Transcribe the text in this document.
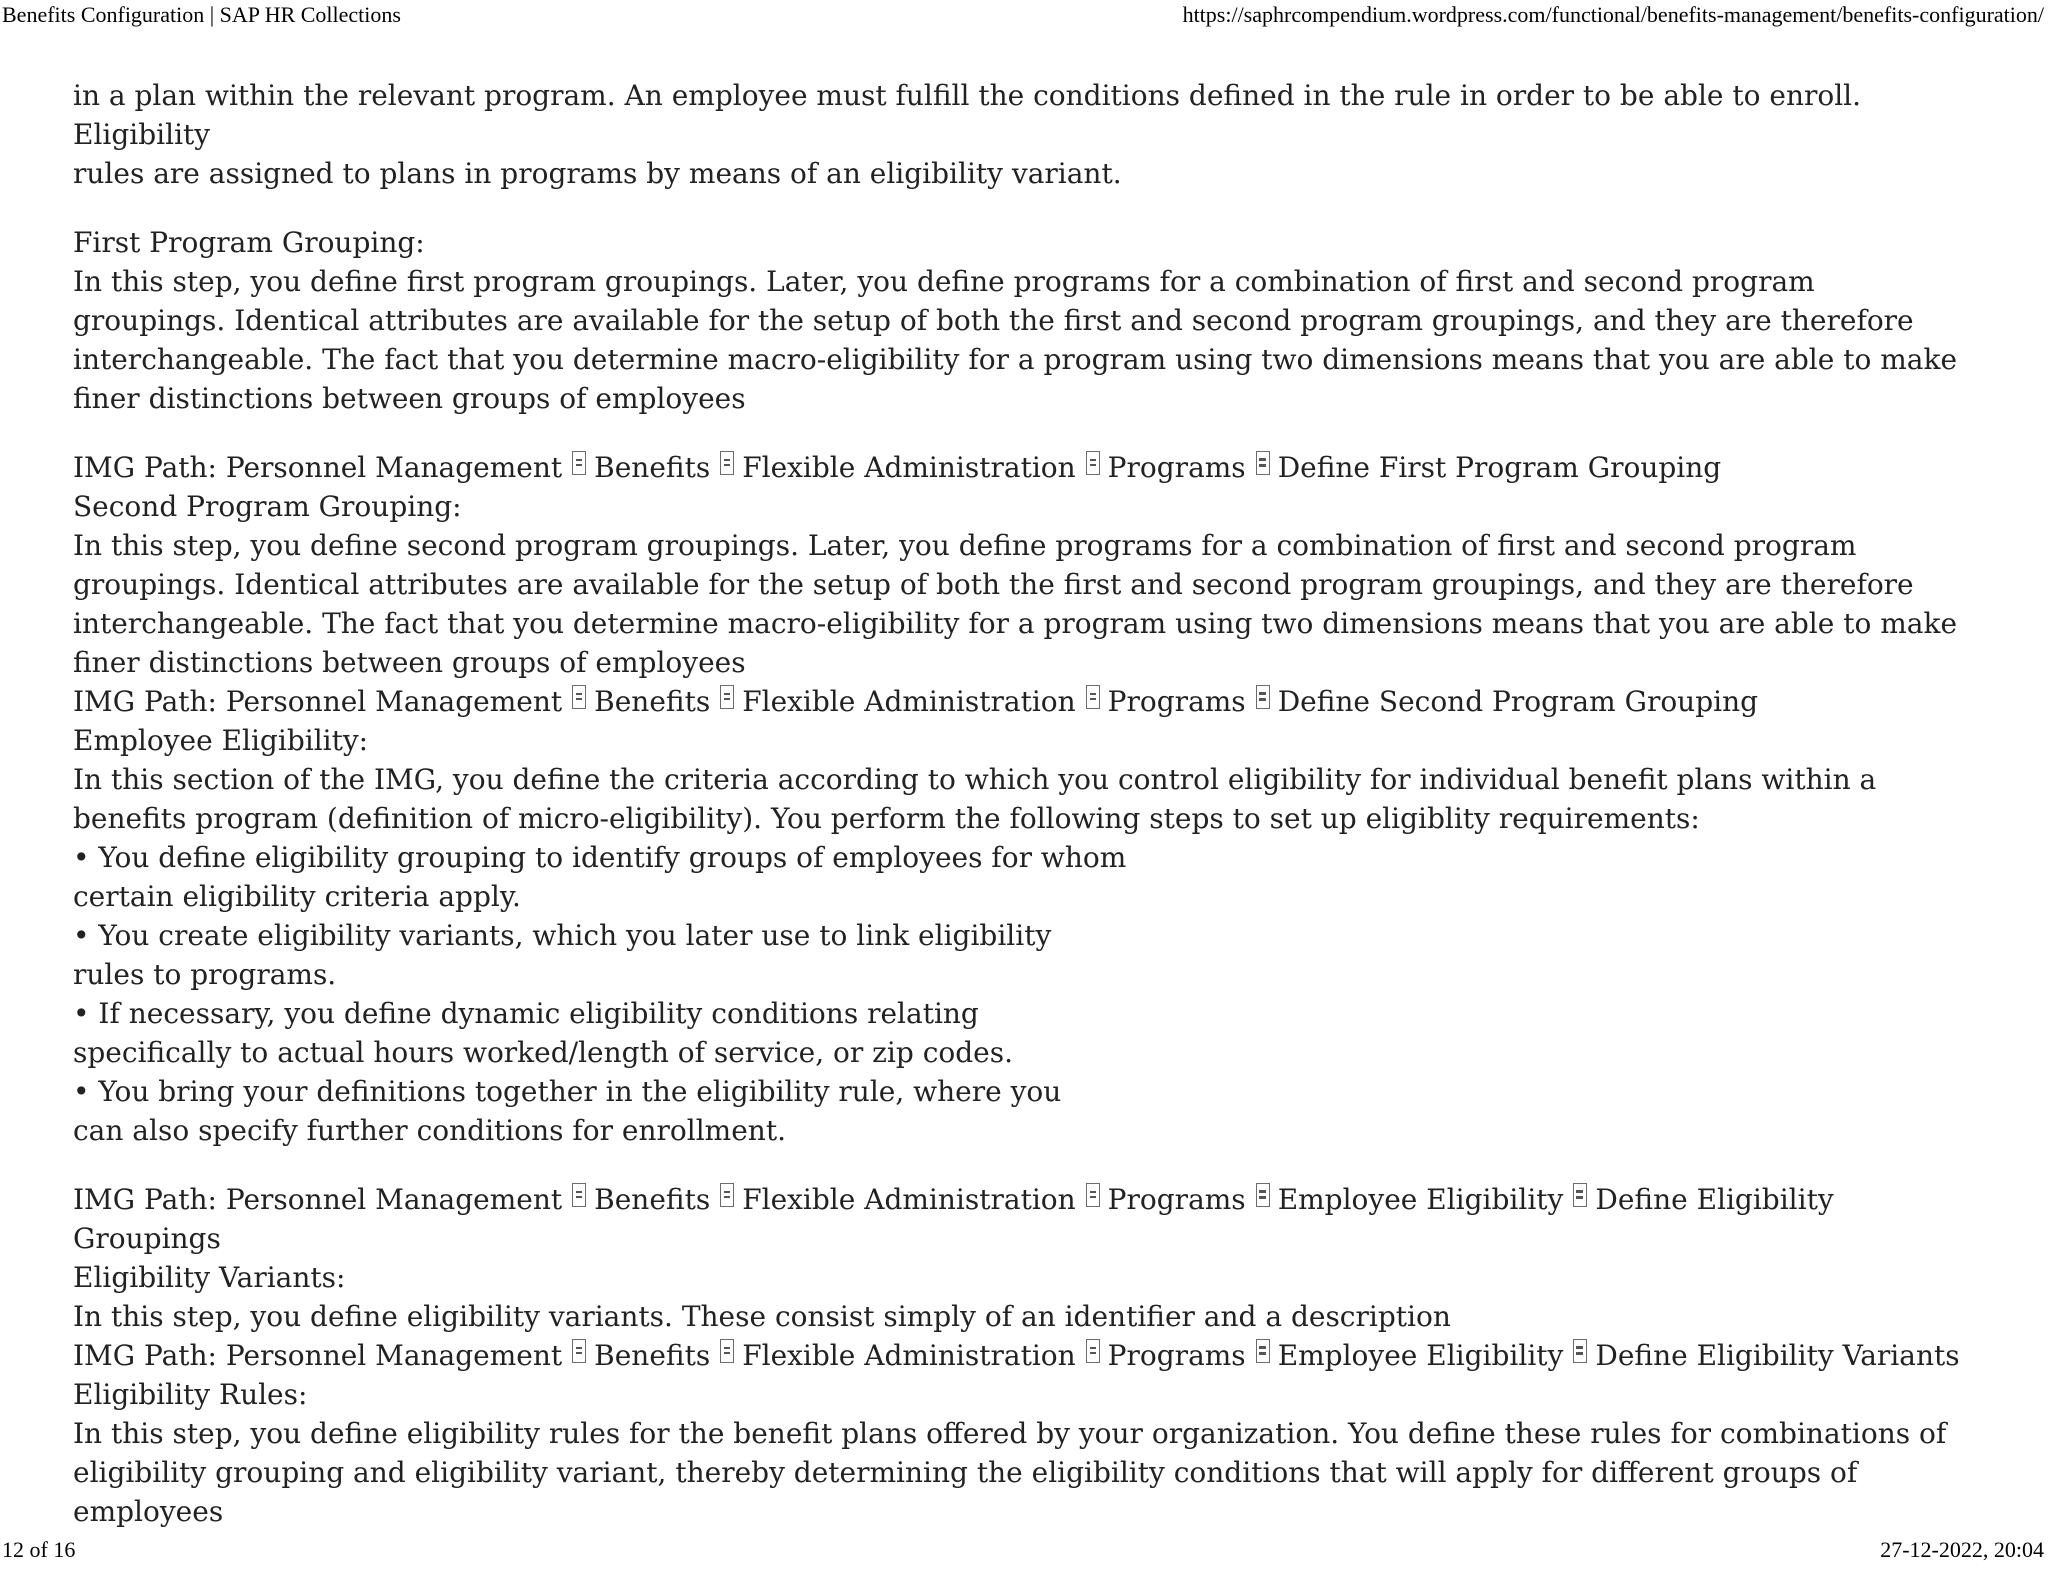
Benefits Configuration | SAP HR Collections	https://saphrcompendium.wordpress.com/functional/benefits-management/benefits-configuration/

in a plan within the relevant program. An employee must fulfill the conditions defined in the rule in order to be able to enroll. Eligibility

rules are assigned to plans in programs by means of an eligibility variant.

First Program Grouping:

In this step, you define first program groupings. Later, you define programs for a combination of first and second program groupings. Identical attributes are available for the setup of both the first and second program groupings, and they are therefore interchangeable. The fact that you determine macro-eligibility for a program using two dimensions means that you are able to make finer distinctions between groups of employees

IMG Path: Personnel Management Benefits Flexible Administration Programs Define First Program Grouping

Second Program Grouping:

In this step, you define second program groupings. Later, you define programs for a combination of first and second program groupings. Identical attributes are available for the setup of both the first and second program groupings, and they are therefore interchangeable. The fact that you determine macro-eligibility for a program using two dimensions means that you are able to make finer distinctions between groups of employees

IMG Path: Personnel Management Benefits Flexible Administration Programs Define Second Program Grouping

Employee Eligibility:

In this section of the IMG, you define the criteria according to which you control eligibility for individual benefit plans within a benefits program (definition of micro-eligibility). You perform the following steps to set up eligiblity requirements:

• You define eligibility grouping to identify groups of employees for whom

certain eligibility criteria apply.

• You create eligibility variants, which you later use to link eligibility

rules to programs.

• If necessary, you define dynamic eligibility conditions relating

specifically to actual hours worked/length of service, or zip codes.

• You bring your definitions together in the eligibility rule, where you

can also specify further conditions for enrollment.

IMG Path: Personnel Management Benefits Flexible Administration Programs Employee Eligibility Define Eligibility

Groupings

Eligibility Variants:

In this step, you define eligibility variants. These consist simply of an identifier and a description

IMG Path: Personnel Management Benefits Flexible Administration Programs Employee Eligibility Define Eligibility Variants

Eligibility Rules:

In this step, you define eligibility rules for the benefit plans offered by your organization. You define these rules for combinations of eligibility grouping and eligibility variant, thereby determining the eligibility conditions that will apply for different groups of employees

12 of 16	27-12-2022, 20:04
